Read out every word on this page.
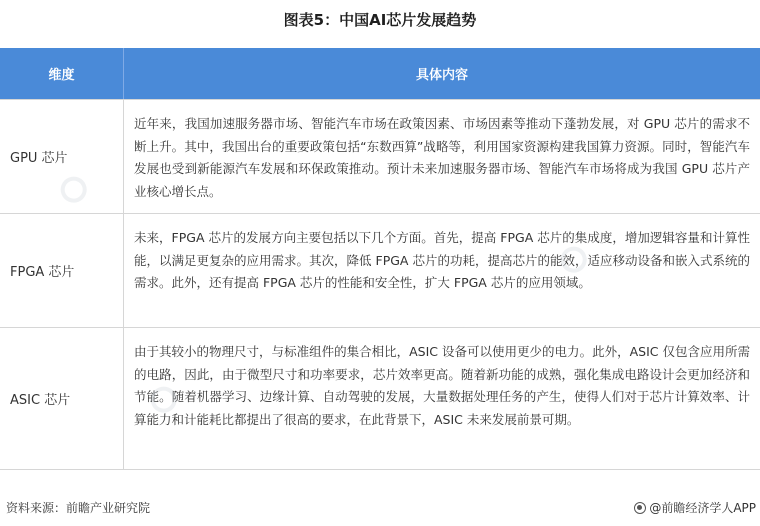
图表5：中国AI芯片发展趋势
维度	具体内容
GPU 芯片
近年来，我国加速服务器市场、智能汽车市场在政策因素、市场因素等推动下蓬勃发展，对 GPU 芯片的需求不断上升。其中，我国出台的重要政策包括“东数西算”战略等，利用国家资源构建我国算力资源。同时，智能汽车发展也受到新能源汽车发展和环保政策推动。预计未来加速服务器市场、智能汽车市场将成为我国 GPU 芯片产业核心增长点。
FPGA 芯片
未来，FPGA 芯片的发展方向主要包括以下几个方面。首先，提高 FPGA 芯片的集成度，增加逻辑容量和计算性能，以满足更复杂的应用需求。其次，降低 FPGA 芯片的功耗，提高芯片的能效，适应移动设备和嵌入式系统的需求。此外，还有提高 FPGA 芯片的性能和安全性，扩大 FPGA 芯片的应用领域。
ASIC 芯片
由于其较小的物理尺寸，与标准组件的集合相比，ASIC 设备可以使用更少的电力。此外，ASIC 仅包含应用所需的电路，因此，由于微型尺寸和功率要求，芯片效率更高。随着新功能的成熟，强化集成电路设计会更加经济和节能。随着机器学习、边缘计算、自动驾驶的发展，大量数据处理任务的产生，使得人们对于芯片计算效率、计算能力和计能耗比都提出了很高的要求，在此背景下，ASIC 未来发展前景可期。
资料来源：前瞻产业研究院	@前瞻经济学人APP
